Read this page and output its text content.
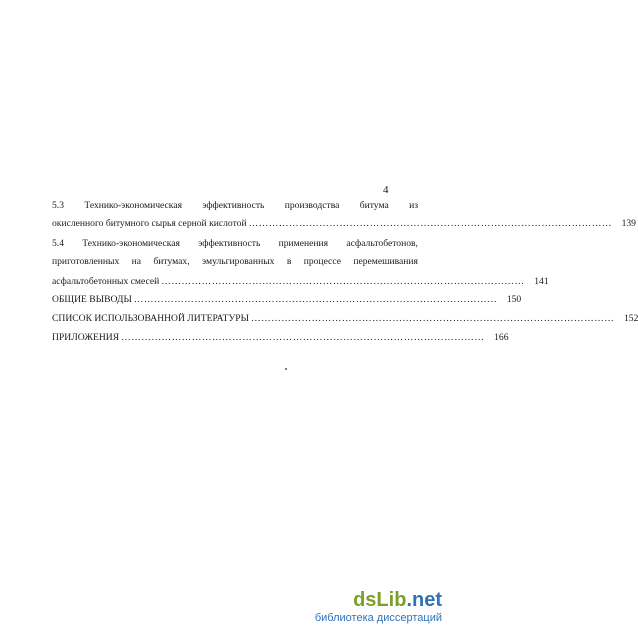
4
5.3 Технико-экономическая эффективность производства битума из
окисленного битумного сырья серной кислотой ………………………………………………………………………………………………	139
5.4 Технико-экономическая эффективность применения асфальтобетонов,
приготовленных на битумах, эмульгированных в процессе перемешивания
асфальтобетонных смесей ………………………………………………………………………………………………	141
ОБЩИЕ ВЫВОДЫ ………………………………………………………………………………………………	150
СПИСОК ИСПОЛЬЗОВАННОЙ ЛИТЕРАТУРЫ ………………………………………………………………………………………………	152
ПРИЛОЖЕНИЯ ………………………………………………………………………………………………	166
dsLib.net
библиотека диссертаций
